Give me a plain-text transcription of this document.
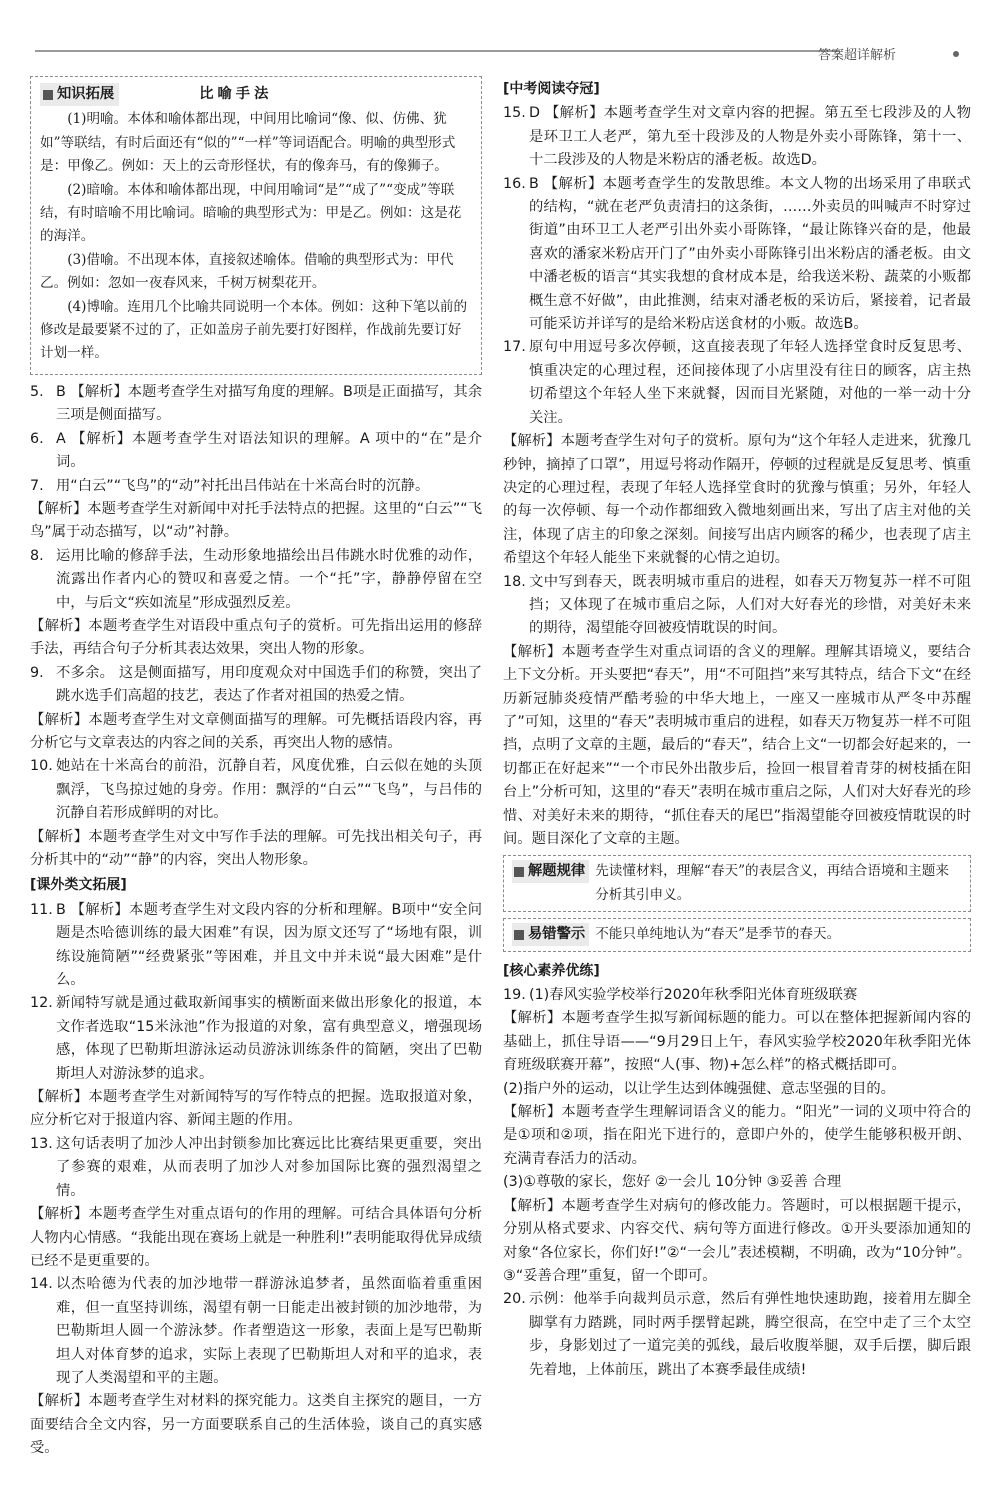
答案超详解析
知识拓展	比喻手法

(1)明喻。本体和喻体都出现，中间用比喻词“像、似、仿佛、犹如”等联结，有时后面还有“似的”“一样”等词语配合。明喻的典型形式是：甲像乙。例如：天上的云奇形怪状，有的像奔马，有的像狮子。

(2)暗喻。本体和喻体都出现，中间用喻词“是”“成了”“变成”等联结，有时暗喻不用比喻词。暗喻的典型形式为：甲是乙。例如：这是花的海洋。

(3)借喻。不出现本体，直接叙述喻体。借喻的典型形式为：甲代乙。例如：忽如一夜春风来，千树万树梨花开。

(4)博喻。连用几个比喻共同说明一个本体。例如：这种下笔以前的修改是最要紧不过的了，正如盖房子前先要打好图样，作战前先要订好计划一样。

5. B 【解析】本题考查学生对描写角度的理解。B项是正面描写，其余三项是侧面描写。
6. A 【解析】本题考查学生对语法知识的理解。A 项中的“在”是介词。
7. 用“白云”“飞鸟”的“动”衬托出吕伟站在十米高台时的沉静。

【解析】本题考查学生对新闻中对托手法特点的把握。这里的“白云”“飞鸟”属于动态描写，以“动”衬静。

8. 运用比喻的修辞手法，生动形象地描绘出吕伟跳水时优雅的动作，流露出作者内心的赞叹和喜爱之情。一个“托”字，静静停留在空中，与后文“疾如流星”形成强烈反差。

【解析】本题考查学生对语段中重点句子的赏析。可先指出运用的修辞手法，再结合句子分析其表达效果，突出人物的形象。

9. 不多余。 这是侧面描写，用印度观众对中国选手们的称赞，突出了跳水选手们高超的技艺，表达了作者对祖国的热爱之情。

【解析】本题考查学生对文章侧面描写的理解。可先概括语段内容，再分析它与文章表达的内容之间的关系，再突出人物的感情。

10. 她站在十米高台的前沿，沉静自若，风度优雅，白云似在她的头顶飘浮，飞鸟掠过她的身旁。作用：飘浮的“白云”“飞鸟”，与吕伟的沉静自若形成鲜明的对比。

【解析】本题考查学生对文中写作手法的理解。可先找出相关句子，再分析其中的“动”“静”的内容，突出人物形象。

[课外类文拓展]
11. B 【解析】本题考查学生对文段内容的分析和理解。B项中“安全问题是杰哈德训练的最大困难”有误，因为原文还写了“场地有限，训练设施简陋”“经费紧张”等困难，并且文中并未说“最大困难”是什么。
12. 新闻特写就是通过截取新闻事实的横断面来做出形象化的报道，本文作者选取“15米泳池”作为报道的对象，富有典型意义，增强现场感，体现了巴勒斯坦游泳运动员游泳训练条件的简陋，突出了巴勒斯坦人对游泳梦的追求。

【解析】本题考查学生对新闻特写的写作特点的把握。选取报道对象，应分析它对于报道内容、新闻主题的作用。

13. 这句话表明了加沙人冲出封锁参加比赛远比比赛结果更重要，突出了参赛的艰难，从而表明了加沙人对参加国际比赛的强烈渴望之情。

【解析】本题考查学生对重点语句的作用的理解。可结合具体语句分析人物内心情感。“我能出现在赛场上就是一种胜利!”表明能取得优异成绩已经不是更重要的。

14. 以杰哈德为代表的加沙地带一群游泳追梦者，虽然面临着重重困难，但一直坚持训练，渴望有朝一日能走出被封锁的加沙地带，为巴勒斯坦人圆一个游泳梦。作者塑造这一形象，表面上是写巴勒斯坦人对体育梦的追求，实际上表现了巴勒斯坦人对和平的追求，表现了人类渴望和平的主题。

【解析】本题考查学生对材料的探究能力。这类自主探究的题目，一方面要结合全文内容，另一方面要联系自己的生活体验，谈自己的真实感受。

[中考阅读夺冠]
15. D 【解析】本题考查学生对文章内容的把握。第五至七段涉及的人物是环卫工人老严，第九至十段涉及的人物是外卖小哥陈锋，第十一、十二段涉及的人物是米粉店的潘老板。故选D。
16. B 【解析】本题考查学生的发散思维。本文人物的出场采用了串联式的结构，“就在老严负责清扫的这条街，……外卖员的叫喊声不时穿过街道”由环卫工人老严引出外卖小哥陈锋，“最让陈锋兴奋的是，他最喜欢的潘家米粉店开门了”由外卖小哥陈锋引出米粉店的潘老板。由文中潘老板的语言“其实我想的食材成本是，给我送米粉、蔬菜的小贩都概生意不好做”，由此推测，结束对潘老板的采访后，紧接着，记者最可能采访并详写的是给米粉店送食材的小贩。故选B。
17. 原句中用逗号多次停顿，这直接表现了年轻人选择堂食时反复思考、慎重决定的心理过程，还间接体现了小店里没有往日的顾客，店主热切希望这个年轻人坐下来就餐，因而目光紧随，对他的一举一动十分关注。

【解析】本题考查学生对句子的赏析。原句为“这个年轻人走进来，犹豫几秒钟，摘掉了口罩”，用逗号将动作隔开，停顿的过程就是反复思考、慎重决定的心理过程，表现了年轻人选择堂食时的犹豫与慎重；另外，年轻人的每一次停顿、每一个动作都细致入微地刻画出来，写出了店主对他的关注，体现了店主的印象之深刻。间接写出店内顾客的稀少，也表现了店主希望这个年轻人能坐下来就餐的心情之迫切。

18. 文中写到春天，既表明城市重启的进程，如春天万物复苏一样不可阻挡；又体现了在城市重启之际，人们对大好春光的珍惜，对美好未来的期待，渴望能夺回被疫情耽误的时间。

【解析】本题考查学生对重点词语的含义的理解。理解其语境义，要结合上下文分析。开头要把“春天”，用“不可阻挡”来写其特点，结合下文“在经历新冠肺炎疫情严酷考验的中华大地上，一座又一座城市从严冬中苏醒了”可知，这里的“春天”表明城市重启的进程，如春天万物复苏一样不可阻挡，点明了文章的主题，最后的“春天”，结合上文“一切都会好起来的，一切都正在好起来”“一个市民外出散步后，捡回一根冒着青芽的树枝插在阳台上”分析可知，这里的“春天”表明在城市重启之际，人们对大好春光的珍惜、对美好未来的期待，“抓住春天的尾巴”指渴望能夺回被疫情耽误的时间。题目深化了文章的主题。

解题规律 先读懂材料，理解“春天”的表层含义，再结合语境和主题来分析其引申义。
易错警示 不能只单纯地认为“春天”是季节的春天。
[核心素养优练]
19. (1)春风实验学校举行2020年秋季阳光体育班级联赛

【解析】本题考查学生拟写新闻标题的能力。可以在整体把握新闻内容的基础上，抓住导语——“9月29日上午，春风实验学校2020年秋季阳光体育班级联赛开幕”，按照“人(事、物)+怎么样”的格式概括即可。

(2)指户外的运动，以让学生达到体魄强健、意志坚强的目的。

【解析】本题考查学生理解词语含义的能力。“阳光”一词的义项中符合的是①项和②项，指在阳光下进行的，意即户外的，使学生能够积极开朗、充满青春活力的活动。

(3)①尊敬的家长，您好 ②一会儿 10分钟 ③妥善 合理

【解析】本题考查学生对病句的修改能力。答题时，可以根据题干提示，分别从格式要求、内容交代、病句等方面进行修改。①开头要添加通知的对象“各位家长，你们好!”②“一会儿”表述模糊，不明确，改为“10分钟”。③“妥善合理”重复，留一个即可。

20. 示例：他举手向裁判员示意，然后有弹性地快速助跑，接着用左脚全脚掌有力踏跳，同时两手摆臂起跳，腾空很高，在空中走了三个太空步，身影划过了一道完美的弧线，最后收腹举腿，双手后摆，脚后跟先着地，上体前压，跳出了本赛季最佳成绩!
